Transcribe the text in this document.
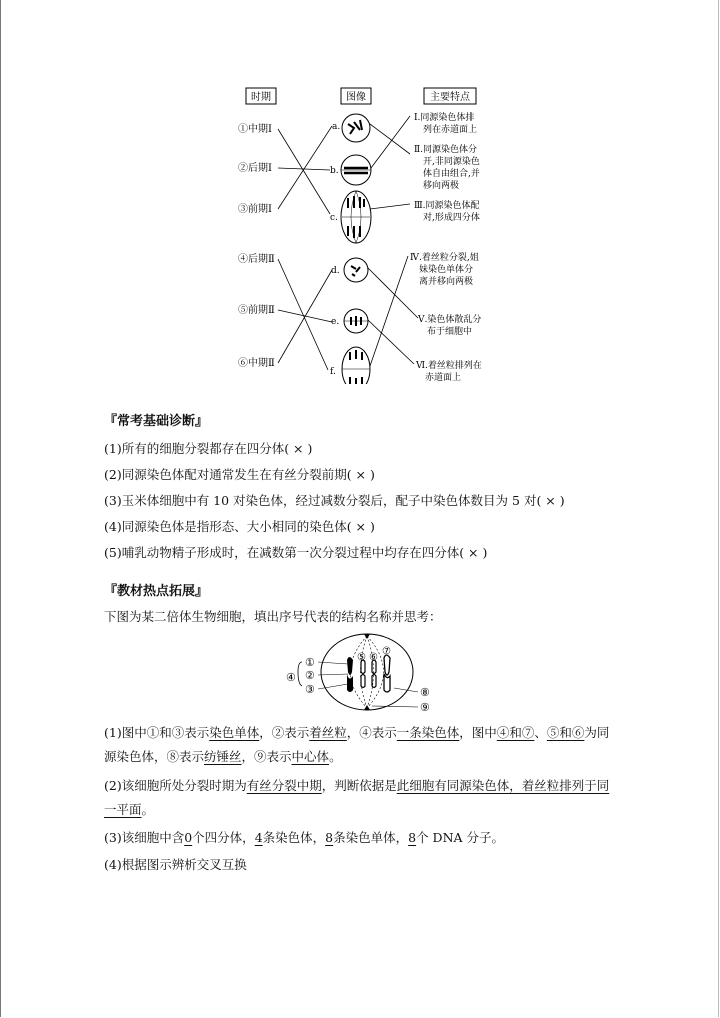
时期	图像	主要特点
①中期Ⅰ
②后期Ⅰ
③前期Ⅰ
a.
b.
c.
Ⅰ.同源染色体排 列在赤道面上
Ⅱ.同源染色体分 开,非同源染色 体自由组合,并 移向两极
Ⅲ.同源染色体配 对,形成四分体
④后期Ⅱ
⑤前期Ⅱ
⑥中期Ⅱ
d.
e.
f.
Ⅳ.着丝粒分裂,姐 妹染色单体分 离并移向两极
Ⅴ.染色体散乱分 布于细胞中
Ⅵ.着丝粒排列在 赤道面上
『常考基础诊断』
(1)所有的细胞分裂都存在四分体( × )
(2)同源染色体配对通常发生在有丝分裂前期( × )
(3)玉米体细胞中有 10 对染色体，经过减数分裂后，配子中染色体数目为 5 对( × )
(4)同源染色体是指形态、大小相同的染色体( × )
(5)哺乳动物精子形成时，在减数第一次分裂过程中均存在四分体( × )
『教材热点拓展』
下图为某二倍体生物细胞，填出序号代表的结构名称并思考：
④
①
②
③
⑤ ⑥
⑦
⑧
⑨
(1)图中①和③表示染色单体，②表示着丝粒，④表示一条染色体，图中④和⑦、⑤和⑥为同
源染色体，⑧表示纺锤丝，⑨表示中心体。
(2)该细胞所处分裂时期为有丝分裂中期，判断依据是此细胞有同源染色体，着丝粒排列于同
一平面。
(3)该细胞中含0个四分体，4条染色体，8条染色单体，8个 DNA 分子。
(4)根据图示辨析交叉互换
